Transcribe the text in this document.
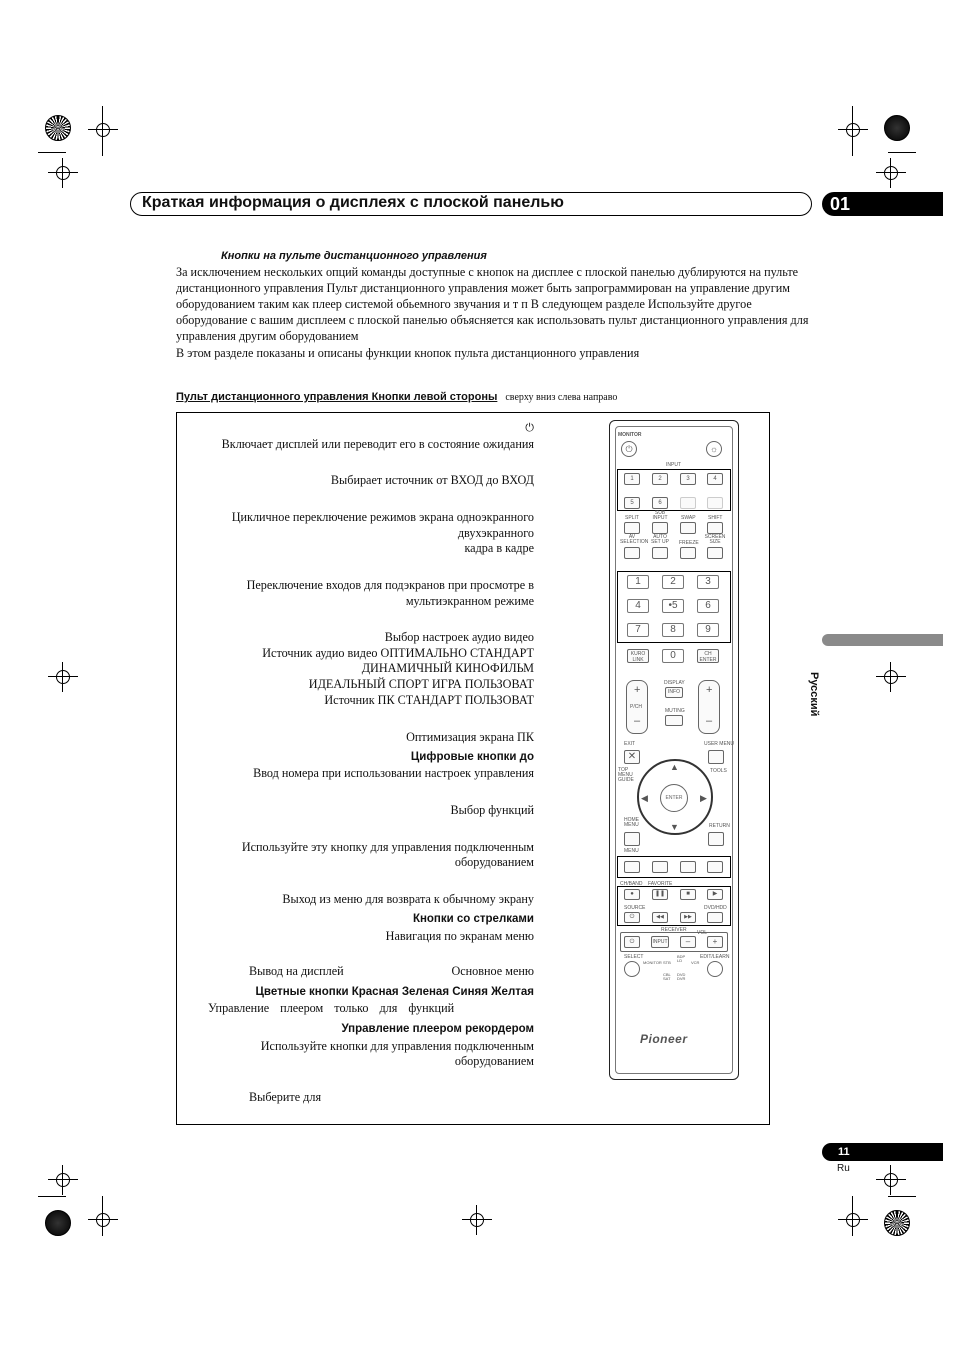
Краткая информация о дисплеях с плоской панелью	01
Русский
Кнопки на пульте дистанционного управления
За исключением нескольких опций команды доступные с кнопок на дисплее с плоской панелью дублируются на пульте дистанционного управления Пульт дистанционного управления может быть запрограммирован на управление другим оборудованием таким как плеер системой обьемного звучания и т п В следующем разделе Используйте другое оборудование с вашим дисплеем с плоской панелью объясняется как использовать пульт дистанционного управления для управления другим оборудованием
В этом разделе показаны и описаны функции кнопок пульта дистанционного управления
Пульт дистанционного управления Кнопки левой стороны сверху вниз слева направо
⏻
Включает дисплей или переводит его в состояние ожидания
Выбирает источник от ВХОД до ВХОД
Цикличное переключение режимов экрана одноэкранного
двухэкранного
кадра в кадре
Переключение входов для подэкранов при просмотре в
мультиэкранном режиме
Выбор настроек аудио видео
Источник аудио видео ОПТИМАЛЬНО СТАНДАРТ
ДИНАМИЧНЫЙ КИНОФИЛЬМ
ИДЕАЛЬНЫЙ СПОРТ ИГРА ПОЛЬЗОВАТ
Источник ПК СТАНДАРТ ПОЛЬЗОВАТ
Оптимизация экрана ПК
Цифровые кнопки до
Ввод номера при использовании настроек управления
Выбор функций
Используйте эту кнопку для управления подключенным
оборудованием
Выход из меню для возврата к обычному экрану
Кнопки со стрелками
Навигация по экранам меню
Вывод на дисплей	Основное меню
Цветные кнопки Красная Зеленая Синяя Желтая
Управление плеером только для функций
Управление плеером рекордером
Используйте кнопки для управления подключенным
оборудованием
Выберите для
MONITOR
⏻	☼
INPUT
1	2	3	4
5	6
SPLIT
SUB INPUT	SWAP SHIFT
AV SELECTION
AUTO SET UP	FREEZE
SCREEN SIZE
1	2	3
4	•5	6
7	8	9
KURO LINK	0	CH ENTER
+
P/CH
–
DISPLAY
INFO
MUTING
+
–
EXIT	USER MENU
✕
TOP MENU GUIDE
TOOLS
ENTER
▲
▼
◀	▶
HOME MENU	RETURN
MENU
CH/BAND FAVORITE
●	❚❚	■	▶
SOURCE	DVD/HDD
⏻	◀◀	▶▶
RECEIVER
⏻	INPUT
VOL
–	+
SELECT	EDIT/LEARN
MONITOR STB
BDP LD	VCR
CBL SAT
DVD DVR
Pioneer
11
Ru
